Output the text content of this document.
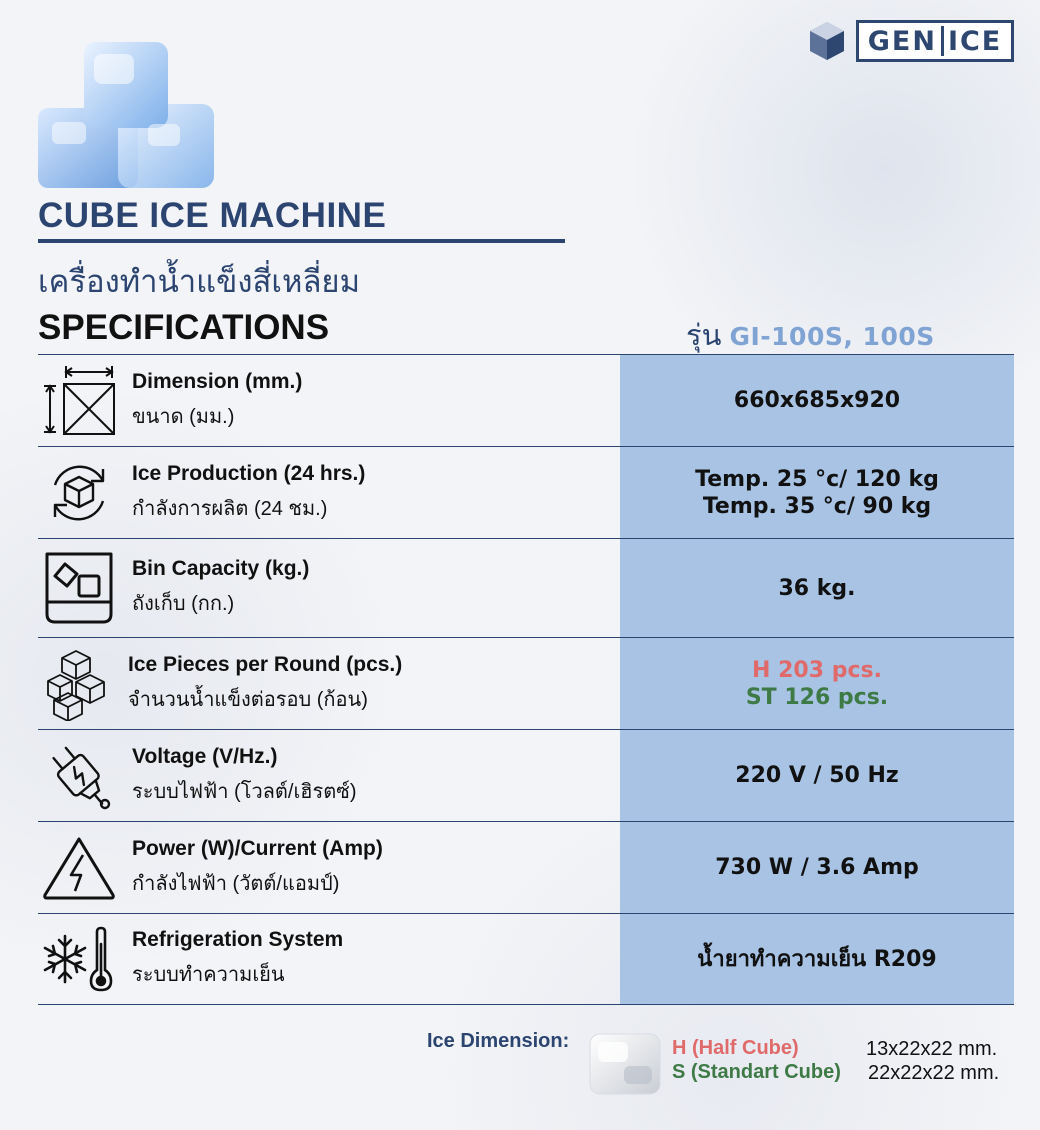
GEN ICE
CUBE ICE MACHINE
เครื่องทำน้ำแข็งสี่เหลี่ยม
SPECIFICATIONS	รุ่น GI-100S, 100S
Dimension (mm.)
ขนาด (มม.)
660x685x920
Ice Production (24 hrs.)
กำลังการผลิต (24 ชม.)
Temp. 25 °c/ 120 kg
Temp. 35 °c/ 90 kg
Bin Capacity (kg.)
ถังเก็บ (กก.)
36 kg.
Ice Pieces per Round (pcs.)
จำนวนน้ำแข็งต่อรอบ (ก้อน)
H 203 pcs.
ST 126 pcs.
Voltage (V/Hz.)
ระบบไฟฟ้า (โวลต์/เฮิรตซ์)
220 V / 50 Hz
Power (W)/Current (Amp)
กำลังไฟฟ้า (วัตต์/แอมป์)
730 W / 3.6 Amp
Refrigeration System
ระบบทำความเย็น
น้ำยาทำความเย็น R209
Ice Dimension:	H (Half Cube)
S (Standart Cube)
13x22x22 mm.
22x22x22 mm.
